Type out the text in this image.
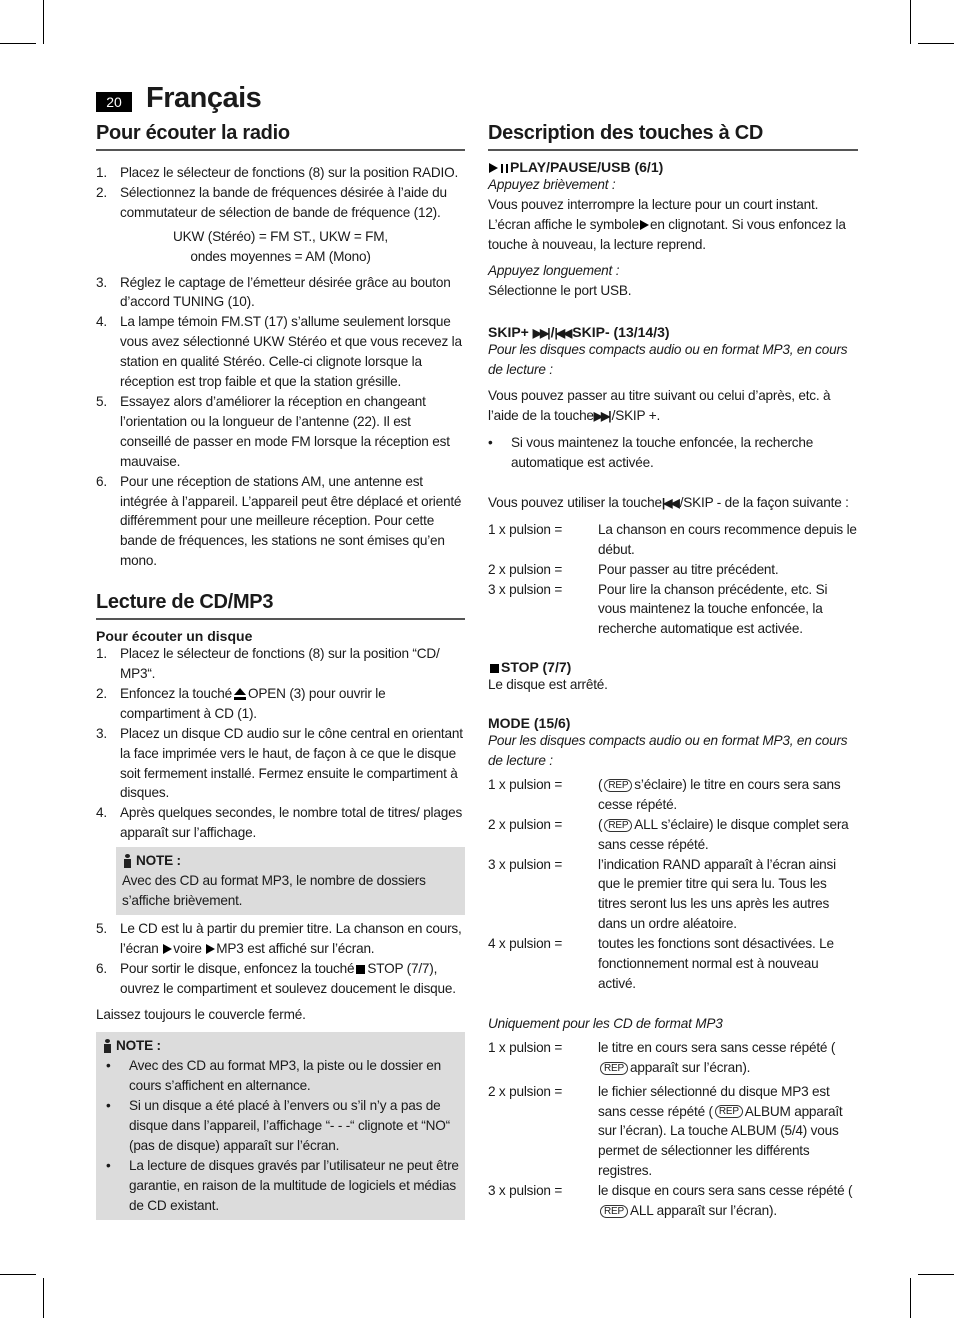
20 Français
Pour écouter la radio
1. Placez le sélecteur de fonctions (8) sur la position RADIO.
2. Sélectionnez la bande de fréquences désirée à l’aide du commutateur de sélection de bande de fréquence (12).
UKW (Stéréo) = FM ST., UKW = FM,
ondes moyennes = AM (Mono)
3. Réglez le captage de l’émetteur désirée grâce au bouton d’accord TUNING (10).
4. La lampe témoin FM.ST (17) s’allume seulement lorsque vous avez sélectionné UKW Stéréo et que vous recevez la station en qualité Stéréo. Celle-ci clignote lorsque la réception est trop faible et que la station grésille.
5. Essayez alors d’améliorer la réception en changeant l’orientation ou la longueur de l’antenne (22). Il est conseillé de passer en mode FM lorsque la réception est mauvaise.
6. Pour une réception de stations AM, une antenne est intégrée à l’appareil. L’appareil peut être déplacé et orienté différemment pour une meilleure réception. Pour cette bande de fréquences, les stations ne sont émises qu’en mono.
Lecture de CD/MP3
Pour écouter un disque
1. Placez le sélecteur de fonctions (8) sur la position “CD/ MP3“.
2. Enfoncez la touché OPEN (3) pour ouvrir le compartiment à CD (1).
3. Placez un disque CD audio sur le cône central en orientant la face imprimée vers le haut, de façon à ce que le disque soit fermement installé. Fermez ensuite le compartiment à disques.
4. Après quelques secondes, le nombre total de titres/ plages apparaît sur l’affichage.
NOTE :
Avec des CD au format MP3, le nombre de dossiers s’affiche brièvement.
5. Le CD est lu à partir du premier titre. La chanson en cours, l’écran voire MP3 est affiché sur l’écran.
6. Pour sortir le disque, enfoncez la touché STOP (7/7), ouvrez le compartiment et soulevez doucement le disque.
Laissez toujours le couvercle fermé.
NOTE :
•	Avec des CD au format MP3, la piste ou le dossier en cours s’affichent en alternance.
•	Si un disque a été placé à l’envers ou s’il n’y a pas de disque dans l’appareil, l’affichage “- - -“ clignote et “NO“ (pas de disque) apparaît sur l’écran.
•	La lecture de disques gravés par l’utilisateur ne peut être garantie, en raison de la multitude de logiciels et médias de CD existant.
Description des touches à CD
PLAY/PAUSE/USB (6/1)
Appuyez brièvement :
Vous pouvez interrompre la lecture pour un court instant. L’écran affiche le symbole en clignotant. Si vous enfoncez la touche à nouveau, la lecture reprend.
Appuyez longuement :
Sélectionne le port USB.
SKIP+ ▶▶| /|◀◀ SKIP- (13/14/3)
Pour les disques compacts audio ou en format MP3, en cours de lecture :
Vous pouvez passer au titre suivant ou celui d’après, etc. à l’aide de la touche▶▶| /SKIP +.
•	Si vous maintenez la touche enfoncée, la recherche automatique est activée.
Vous pouvez utiliser la touche|◀◀ /SKIP - de la façon suivante :
1 x pulsion =	La chanson en cours recommence depuis le début.
2 x pulsion =	Pour passer au titre précédent.
3 x pulsion =	Pour lire la chanson précédente, etc. Si vous maintenez la touche enfoncée, la recherche automatique est activée.
STOP (7/7)
Le disque est arrêté.
MODE (15/6)
Pour les disques compacts audio ou en format MP3, en cours de lecture :
1 x pulsion =	( REP s’éclaire) le titre en cours sera sans cesse répété.
2 x pulsion =	( REP ALL s’éclaire) le disque complet sera sans cesse répété.
3 x pulsion =	l’indication RAND apparaît à l’écran ainsi que le premier titre qui sera lu. Tous les titres seront lus les uns après les autres dans un ordre aléatoire.
4 x pulsion =	toutes les fonctions sont désactivées. Le fonctionnement normal est à nouveau activé.
Uniquement pour les CD de format MP3
1 x pulsion =	le titre en cours sera sans cesse répété (REP apparaît sur l’écran).
2 x pulsion =	le fichier sélectionné du disque MP3 est sans cesse répété ( REP ALBUM apparaît sur l’écran). La touche ALBUM (5/4) vous permet de sélectionner les différents registres.
3 x pulsion =	le disque en cours sera sans cesse répété (REP ALL apparaît sur l’écran).
